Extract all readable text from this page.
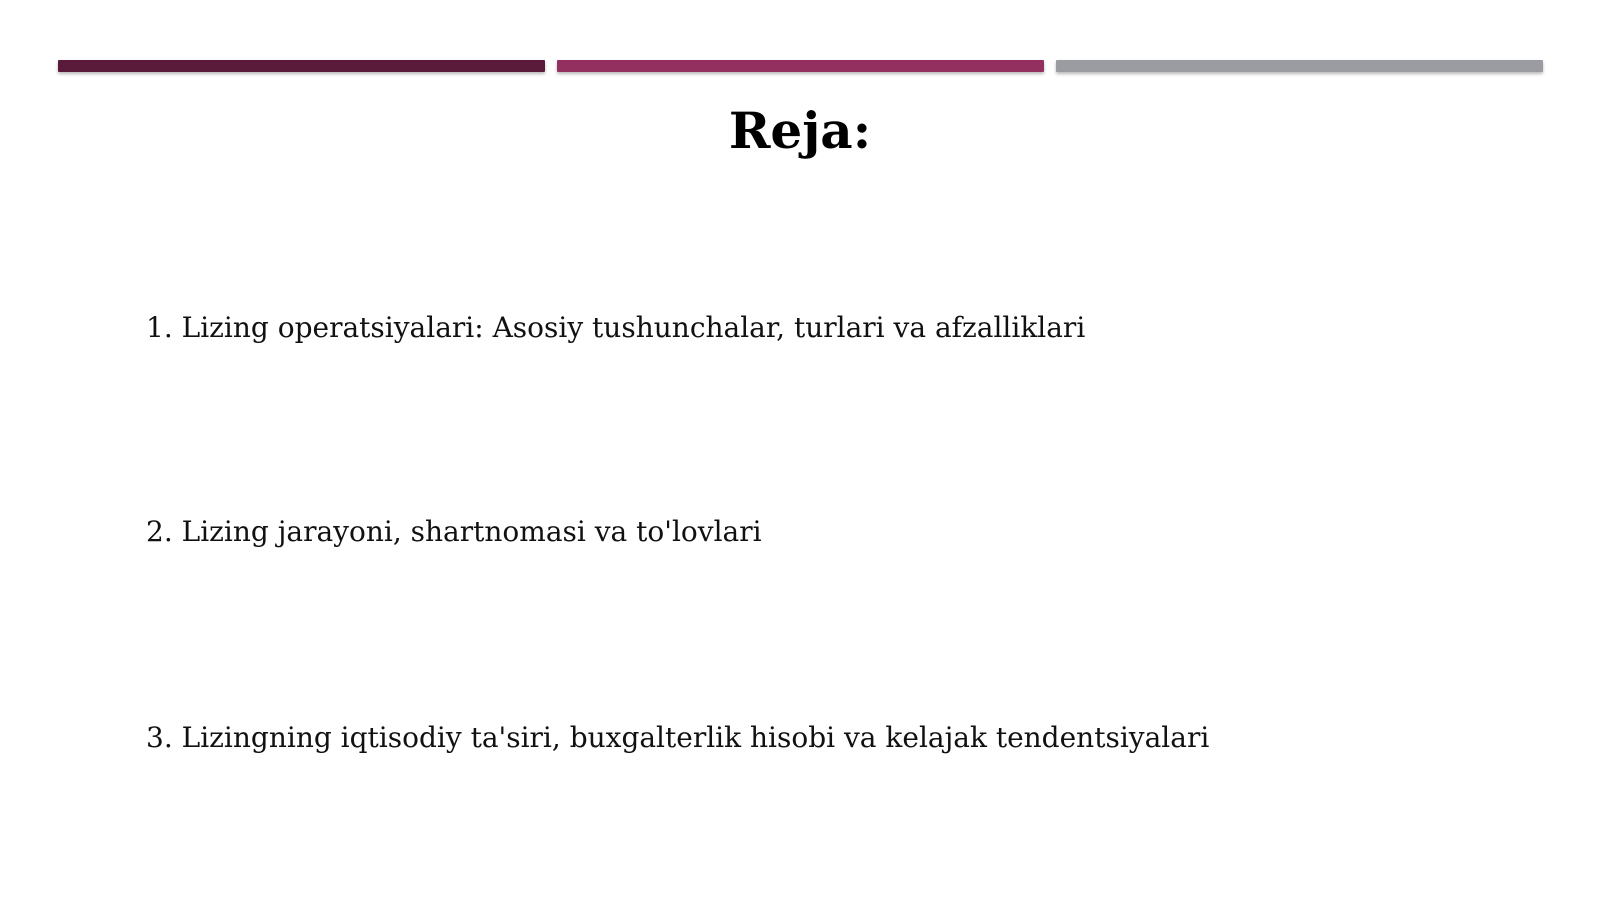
Reja:
1. Lizing operatsiyalari: Asosiy tushunchalar, turlari va afzalliklari
2. Lizing jarayoni, shartnomasi va to'lovlari
3. Lizingning iqtisodiy ta'siri, buxgalterlik hisobi va kelajak tendentsiyalari
